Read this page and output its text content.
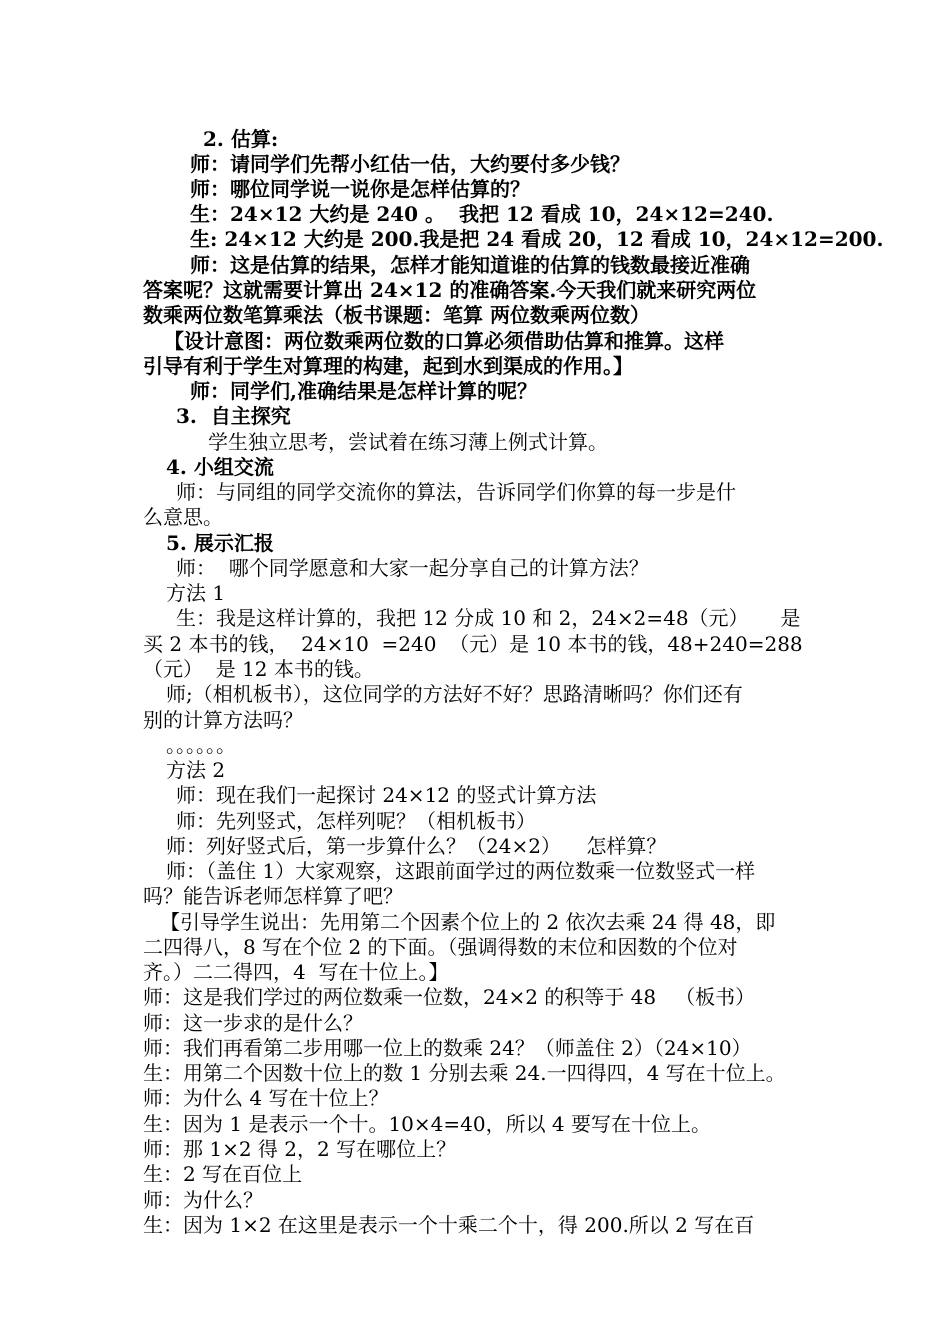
2. 估算:
师：请同学们先帮小红估一估，大约要付多少钱？
师：哪位同学说一说你是怎样估算的？
生：24×12 大约是 240 。  我把 12 看成 10，24×12=240.
生: 24×12 大约是 200.我是把 24 看成 20，12 看成 10，24×12=200.
师：这是估算的结果，怎样才能知道谁的估算的钱数最接近准确
答案呢？这就需要计算出 24×12 的准确答案.今天我们就来研究两位
数乘两位数笔算乘法（板书课题：笔算 两位数乘两位数）
【设计意图：两位数乘两位数的口算必须借助估算和推算。这样
引导有利于学生对算理的构建，起到水到渠成的作用。】
师：同学们,准确结果是怎样计算的呢？
3.  自主探究
学生独立思考，尝试着在练习薄上例式计算。
4. 小组交流
师：与同组的同学交流你的算法，告诉同学们你算的每一步是什
么意思。
5. 展示汇报
师：  哪个同学愿意和大家一起分享自己的计算方法？
方法 1
生：我是这样计算的，我把 12 分成 10 和 2，24×2=48（元）     是
买 2 本书的钱，  24×10  =240  （元）是 10 本书的钱，48+240=288
（元）  是 12 本书的钱。
师;（相机板书），这位同学的方法好不好？思路清晰吗？你们还有
别的计算方法吗？
。。。。。。
方法 2
师：现在我们一起探讨 24×12 的竖式计算方法
师：先列竖式，怎样列呢？（相机板书）
师：列好竖式后，第一步算什么？（24×2）    怎样算？
师：（盖住 1）大家观察，这跟前面学过的两位数乘一位数竖式一样
吗？能告诉老师怎样算了吧？
【引导学生说出：先用第二个因素个位上的 2 依次去乘 24 得 48，即
二四得八，8 写在个位 2 的下面。（强调得数的末位和因数的个位对
齐。）二二得四，4  写在十位上。】
师：这是我们学过的两位数乘一位数，24×2 的积等于 48   （板书）
师：这一步求的是什么？
师：我们再看第二步用哪一位上的数乘 24？（师盖住 2）（24×10）
生：用第二个因数十位上的数 1 分别去乘 24.一四得四，4 写在十位上。
师：为什么 4 写在十位上？
生：因为 1 是表示一个十。10×4=40，所以 4 要写在十位上。
师：那 1×2 得 2，2 写在哪位上？
生：2 写在百位上
师：为什么？
生：因为 1×2 在这里是表示一个十乘二个十，得 200.所以 2 写在百
